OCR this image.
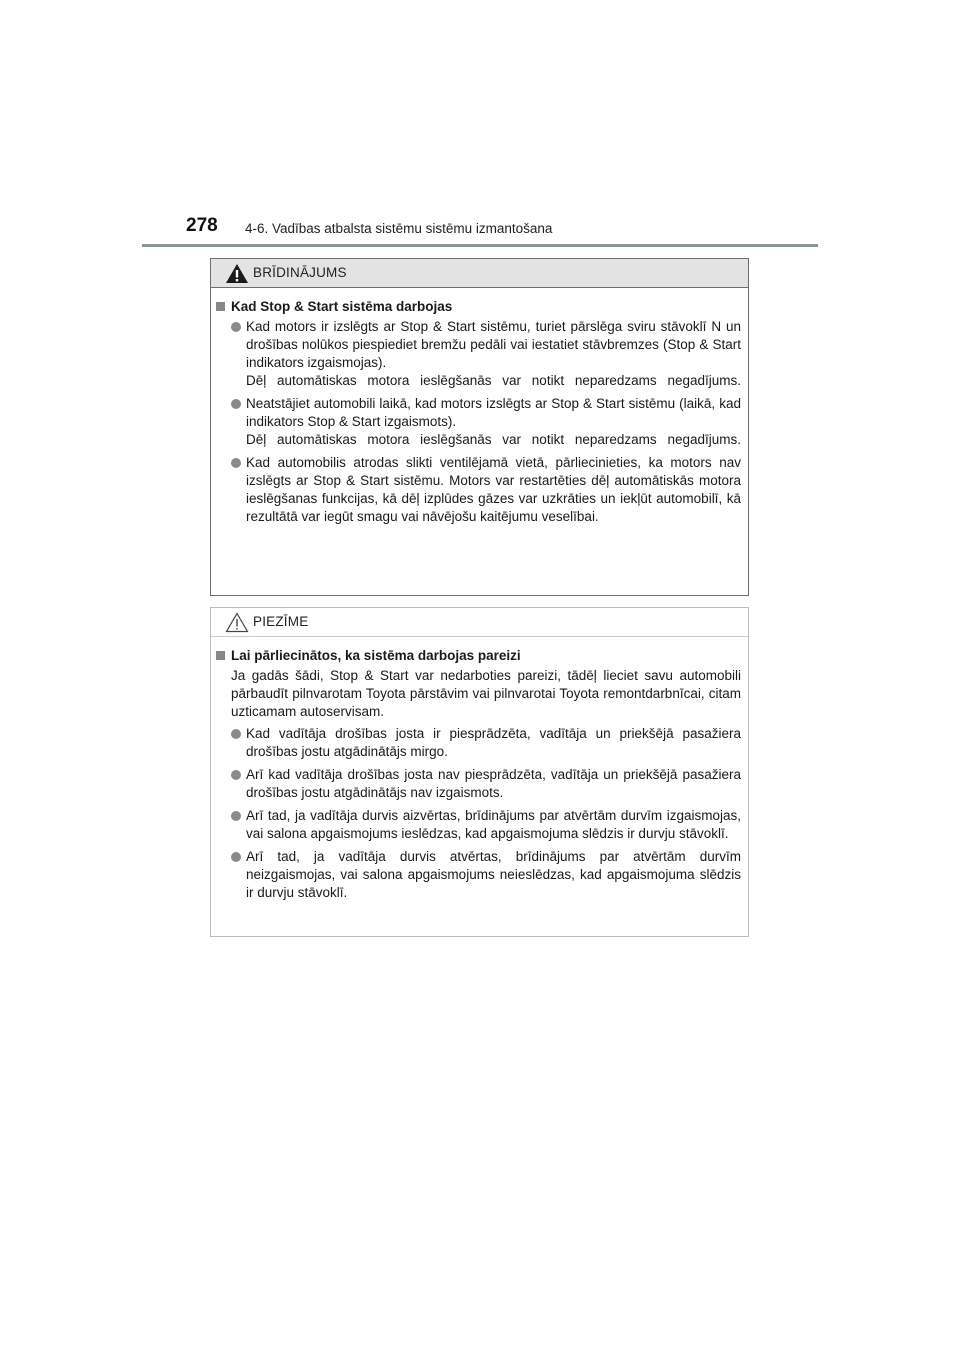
278 4-6. Vadības atbalsta sistēmu sistēmu izmantošana
BRĪDINĀJUMS
Kad Stop & Start sistēma darbojas

Kad motors ir izslēgts ar Stop & Start sistēmu, turiet pārslēga sviru stāvoklī N un drošības nolūkos piespiediet bremžu pedāli vai iestatiet stāvbremzes (Stop & Start indikators izgaismojas).

Dēļ automātiskas motora ieslēgšanās var notikt neparedzams negadījums.

Neatstājiet automobili laikā, kad motors izslēgts ar Stop & Start sistēmu (laikā, kad indikators Stop & Start izgaismots).

Dēļ automātiskas motora ieslēgšanās var notikt neparedzams negadījums.

Kad automobilis atrodas slikti ventilējamā vietā, pārliecinieties, ka motors nav izslēgts ar Stop & Start sistēmu. Motors var restartēties dēļ automātiskās motora ieslēgšanas funkcijas, kā dēļ izplūdes gāzes var uzkrāties un iekļūt automobilī, kā rezultātā var iegūt smagu vai nāvējošu kaitējumu veselībai.

PIEZĪME
Lai pārliecinātos, ka sistēma darbojas pareizi
Ja gadās šādi, Stop & Start var nedarboties pareizi, tādēļ lieciet savu automobili pārbaudīt pilnvarotam Toyota pārstāvim vai pilnvarotai Toyota remontdarbnīcai, citam uzticamam autoservisam.

Kad vadītāja drošības josta ir piesprādzēta, vadītāja un priekšējā pasažiera drošības jostu atgādinātājs mirgo.

Arī kad vadītāja drošības josta nav piesprādzēta, vadītāja un priekšējā pasažiera drošības jostu atgādinātājs nav izgaismots.

Arī tad, ja vadītāja durvis aizvērtas, brīdinājums par atvērtām durvīm izgaismojas, vai salona apgaismojums ieslēdzas, kad apgaismojuma slēdzis ir durvju stāvoklī.

Arī tad, ja vadītāja durvis atvērtas, brīdinājums par atvērtām durvīm neizgaismojas, vai salona apgaismojums neieslēdzas, kad apgaismojuma slēdzis ir durvju stāvoklī.
